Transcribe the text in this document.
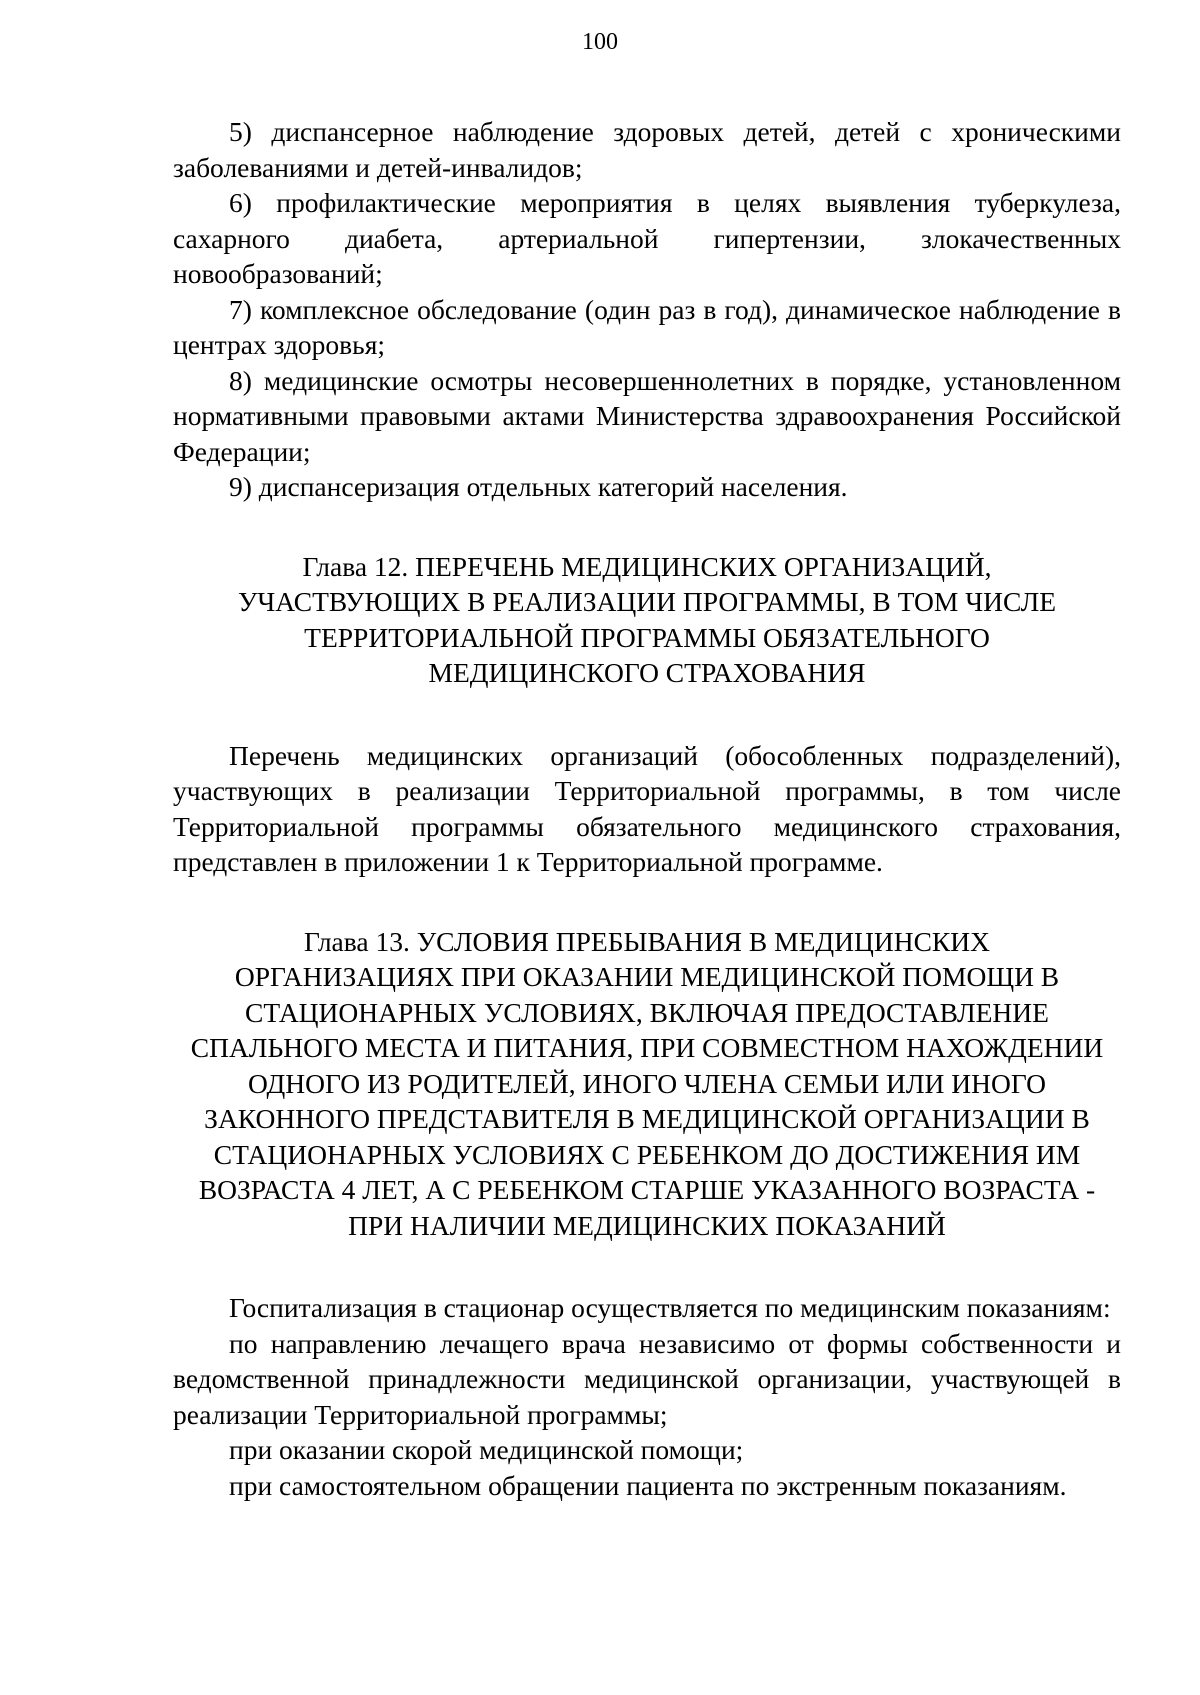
100

5) диспансерное наблюдение здоровых детей, детей с хроническими заболеваниями и детей-инвалидов;

6) профилактические мероприятия в целях выявления туберкулеза, сахарного диабета, артериальной гипертензии, злокачественных новообразований;

7) комплексное обследование (один раз в год), динамическое наблюдение в центрах здоровья;

8) медицинские осмотры несовершеннолетних в порядке, установленном нормативными правовыми актами Министерства здравоохранения Российской Федерации;

9) диспансеризация отдельных категорий населения.

Глава 12. ПЕРЕЧЕНЬ МЕДИЦИНСКИХ ОРГАНИЗАЦИЙ,
УЧАСТВУЮЩИХ В РЕАЛИЗАЦИИ ПРОГРАММЫ, В ТОМ ЧИСЛЕ
ТЕРРИТОРИАЛЬНОЙ ПРОГРАММЫ ОБЯЗАТЕЛЬНОГО
МЕДИЦИНСКОГО СТРАХОВАНИЯ

Перечень медицинских организаций (обособленных подразделений), участвующих в реализации Территориальной программы, в том числе Территориальной программы обязательного медицинского страхования, представлен в приложении 1 к Территориальной программе.

Глава 13. УСЛОВИЯ ПРЕБЫВАНИЯ В МЕДИЦИНСКИХ
ОРГАНИЗАЦИЯХ ПРИ ОКАЗАНИИ МЕДИЦИНСКОЙ ПОМОЩИ В
СТАЦИОНАРНЫХ УСЛОВИЯХ, ВКЛЮЧАЯ ПРЕДОСТАВЛЕНИЕ
СПАЛЬНОГО МЕСТА И ПИТАНИЯ, ПРИ СОВМЕСТНОМ НАХОЖДЕНИИ
ОДНОГО ИЗ РОДИТЕЛЕЙ, ИНОГО ЧЛЕНА СЕМЬИ ИЛИ ИНОГО
ЗАКОННОГО ПРЕДСТАВИТЕЛЯ В МЕДИЦИНСКОЙ ОРГАНИЗАЦИИ В
СТАЦИОНАРНЫХ УСЛОВИЯХ С РЕБЕНКОМ ДО ДОСТИЖЕНИЯ ИМ
ВОЗРАСТА 4 ЛЕТ, А С РЕБЕНКОМ СТАРШЕ УКАЗАННОГО ВОЗРАСТА -
ПРИ НАЛИЧИИ МЕДИЦИНСКИХ ПОКАЗАНИЙ

Госпитализация в стационар осуществляется по медицинским показаниям:

по направлению лечащего врача независимо от формы собственности и ведомственной принадлежности медицинской организации, участвующей в реализации Территориальной программы;

при оказании скорой медицинской помощи;

при самостоятельном обращении пациента по экстренным показаниям.
